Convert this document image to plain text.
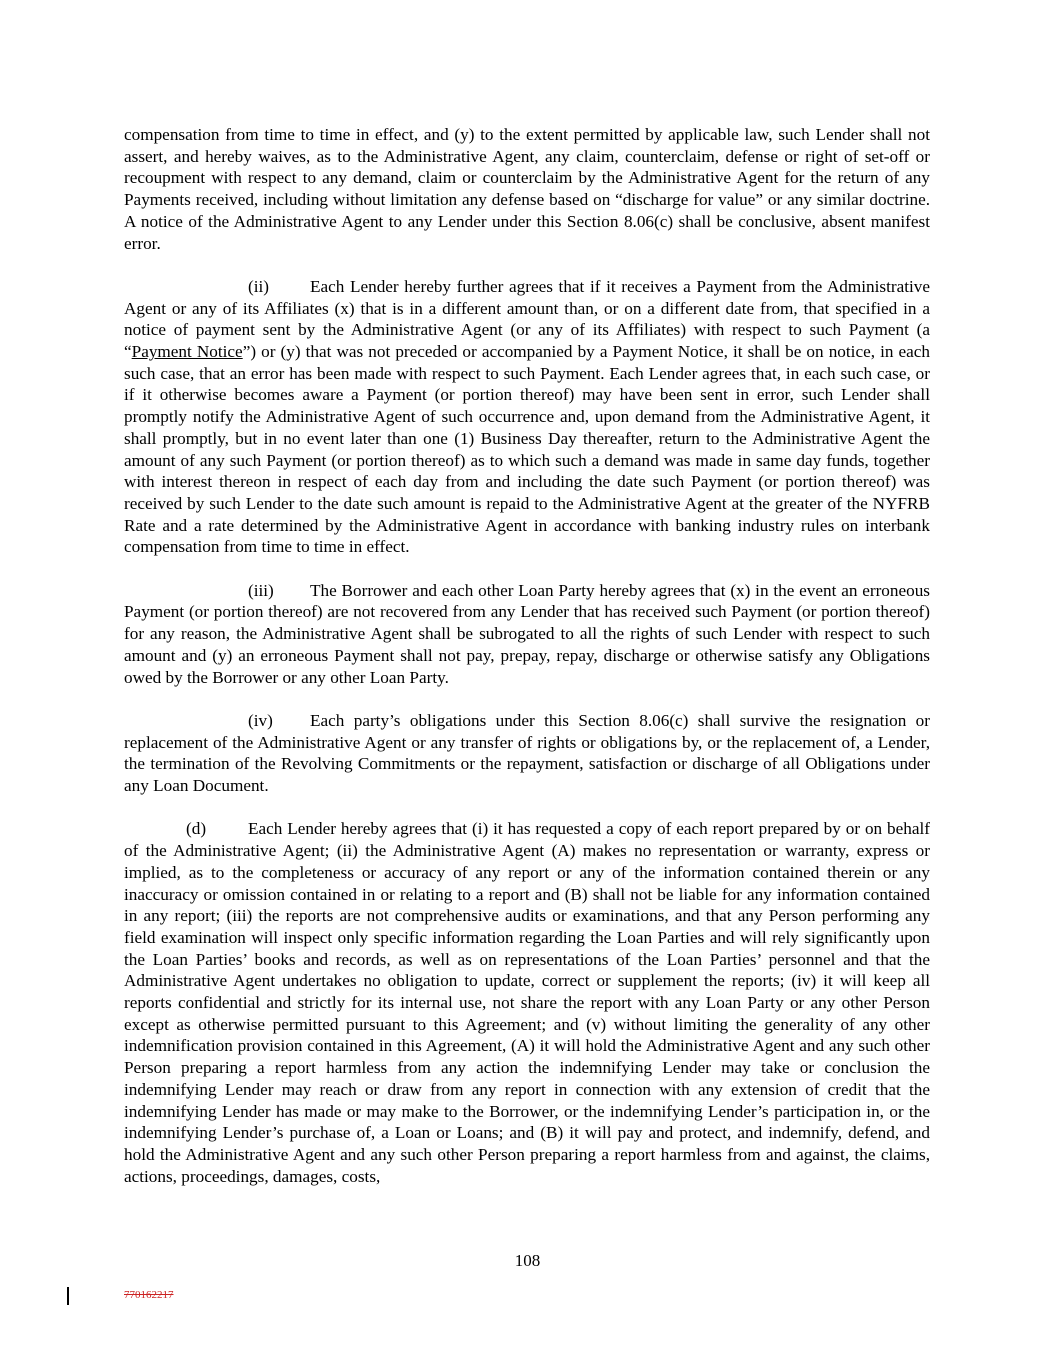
compensation from time to time in effect, and (y) to the extent permitted by applicable law, such Lender shall not assert, and hereby waives, as to the Administrative Agent, any claim, counterclaim, defense or right of set-off or recoupment with respect to any demand, claim or counterclaim by the Administrative Agent for the return of any Payments received, including without limitation any defense based on “discharge for value” or any similar doctrine. A notice of the Administrative Agent to any Lender under this Section 8.06(c) shall be conclusive, absent manifest error.

(ii) Each Lender hereby further agrees that if it receives a Payment from the Administrative Agent or any of its Affiliates (x) that is in a different amount than, or on a different date from, that specified in a notice of payment sent by the Administrative Agent (or any of its Affiliates) with respect to such Payment (a “Payment Notice”) or (y) that was not preceded or accompanied by a Payment Notice, it shall be on notice, in each such case, that an error has been made with respect to such Payment. Each Lender agrees that, in each such case, or if it otherwise becomes aware a Payment (or portion thereof) may have been sent in error, such Lender shall promptly notify the Administrative Agent of such occurrence and, upon demand from the Administrative Agent, it shall promptly, but in no event later than one (1) Business Day thereafter, return to the Administrative Agent the amount of any such Payment (or portion thereof) as to which such a demand was made in same day funds, together with interest thereon in respect of each day from and including the date such Payment (or portion thereof) was received by such Lender to the date such amount is repaid to the Administrative Agent at the greater of the NYFRB Rate and a rate determined by the Administrative Agent in accordance with banking industry rules on interbank compensation from time to time in effect.

(iii) The Borrower and each other Loan Party hereby agrees that (x) in the event an erroneous Payment (or portion thereof) are not recovered from any Lender that has received such Payment (or portion thereof) for any reason, the Administrative Agent shall be subrogated to all the rights of such Lender with respect to such amount and (y) an erroneous Payment shall not pay, prepay, repay, discharge or otherwise satisfy any Obligations owed by the Borrower or any other Loan Party.

(iv) Each party’s obligations under this Section 8.06(c) shall survive the resignation or replacement of the Administrative Agent or any transfer of rights or obligations by, or the replacement of, a Lender, the termination of the Revolving Commitments or the repayment, satisfaction or discharge of all Obligations under any Loan Document.

(d) Each Lender hereby agrees that (i) it has requested a copy of each report prepared by or on behalf of the Administrative Agent; (ii) the Administrative Agent (A) makes no representation or warranty, express or implied, as to the completeness or accuracy of any report or any of the information contained therein or any inaccuracy or omission contained in or relating to a report and (B) shall not be liable for any information contained in any report; (iii) the reports are not comprehensive audits or examinations, and that any Person performing any field examination will inspect only specific information regarding the Loan Parties and will rely significantly upon the Loan Parties’ books and records, as well as on representations of the Loan Parties’ personnel and that the Administrative Agent undertakes no obligation to update, correct or supplement the reports; (iv) it will keep all reports confidential and strictly for its internal use, not share the report with any Loan Party or any other Person except as otherwise permitted pursuant to this Agreement; and (v) without limiting the generality of any other indemnification provision contained in this Agreement, (A) it will hold the Administrative Agent and any such other Person preparing a report harmless from any action the indemnifying Lender may take or conclusion the indemnifying Lender may reach or draw from any report in connection with any extension of credit that the indemnifying Lender has made or may make to the Borrower, or the indemnifying Lender’s participation in, or the indemnifying Lender’s purchase of, a Loan or Loans; and (B) it will pay and protect, and indemnify, defend, and hold the Administrative Agent and any such other Person preparing a report harmless from and against, the claims, actions, proceedings, damages, costs,

108
770162217
